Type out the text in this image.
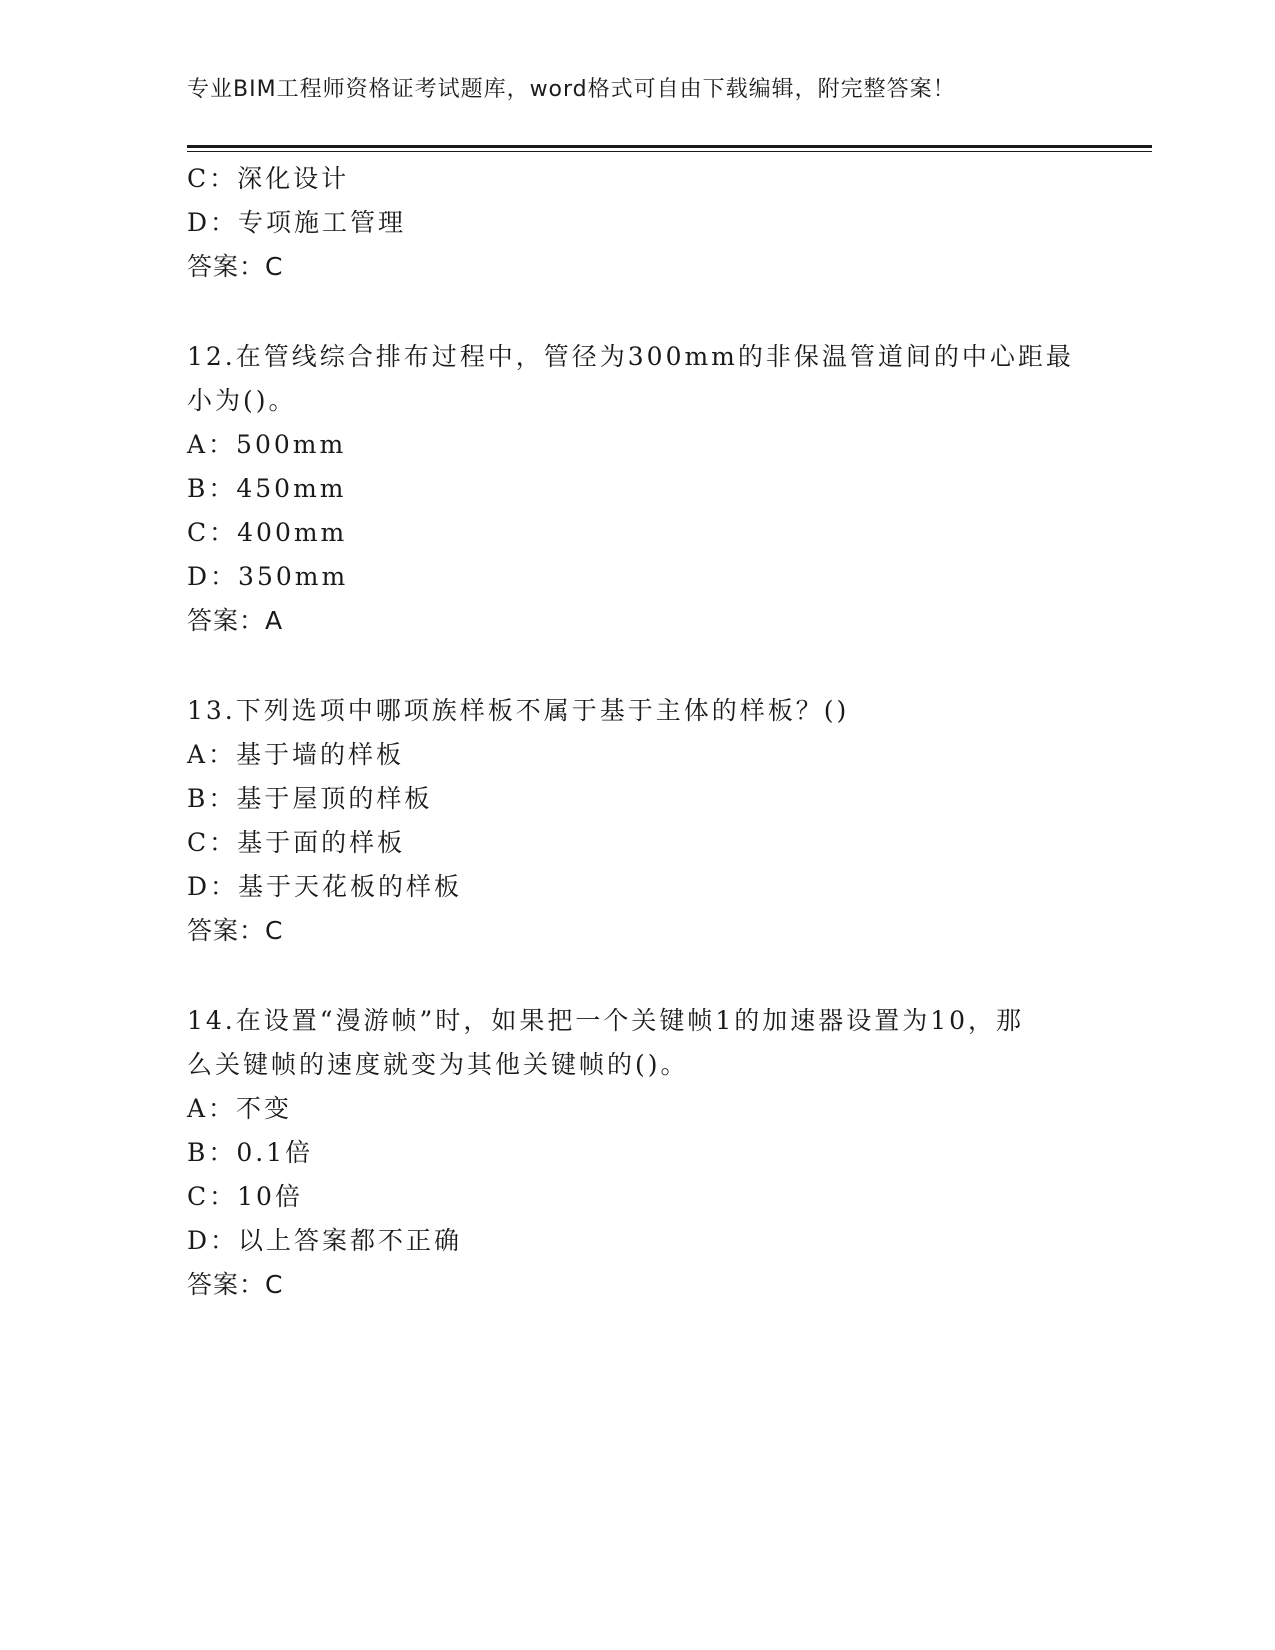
专业BIM工程师资格证考试题库，word格式可自由下载编辑，附完整答案！
C：深化设计
D：专项施工管理
答案：C
12.在管线综合排布过程中，管径为300mm的非保温管道间的中心距最
小为()。
A：500mm
B：450mm
C：400mm
D：350mm
答案：A
13.下列选项中哪项族样板不属于基于主体的样板？()
A：基于墙的样板
B：基于屋顶的样板
C：基于面的样板
D：基于天花板的样板
答案：C
14.在设置“漫游帧”时，如果把一个关键帧1的加速器设置为10，那
么关键帧的速度就变为其他关键帧的()。
A：不变
B：0.1倍
C：10倍
D：以上答案都不正确
答案：C
